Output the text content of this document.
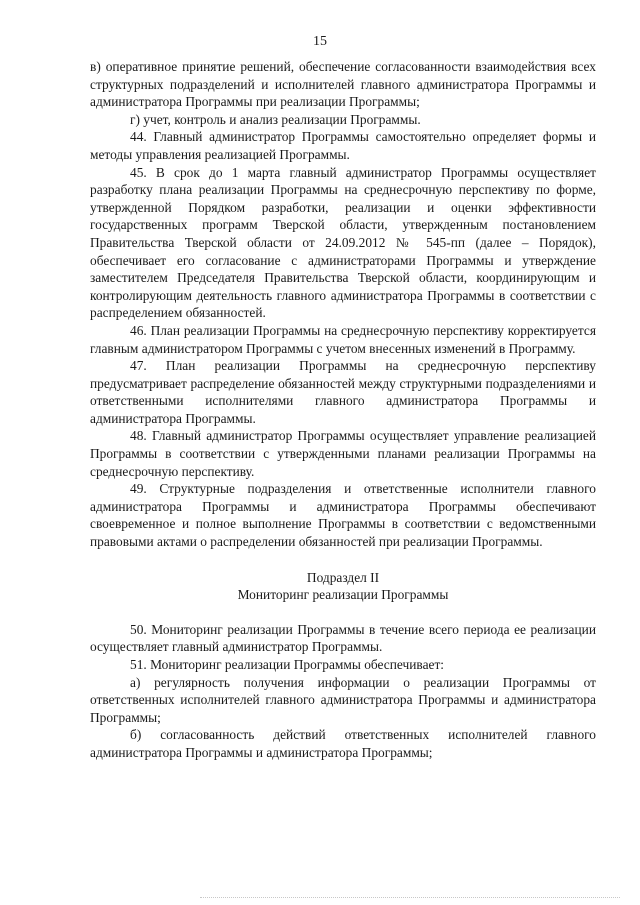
15

в) оперативное принятие решений, обеспечение согласованности взаимодействия всех структурных подразделений и исполнителей главного администратора Программы и администратора Программы при реализации Программы;

г) учет, контроль и анализ реализации Программы.

44. Главный администратор Программы самостоятельно определяет формы и методы управления реализацией Программы.

45. В срок до 1 марта главный администратор Программы осуществляет разработку плана реализации Программы на среднесрочную перспективу по форме, утвержденной Порядком разработки, реализации и оценки эффективности государственных программ Тверской области, утвержденным постановлением Правительства Тверской области от 24.09.2012 № 545-пп (далее – Порядок), обеспечивает его согласование с администраторами Программы и утверждение заместителем Председателя Правительства Тверской области, координирующим и контролирующим деятельность главного администратора Программы в соответствии с распределением обязанностей.

46. План реализации Программы на среднесрочную перспективу корректируется главным администратором Программы с учетом внесенных изменений в Программу.

47. План реализации Программы на среднесрочную перспективу предусматривает распределение обязанностей между структурными подразделениями и ответственными исполнителями главного администратора Программы и администратора Программы.

48. Главный администратор Программы осуществляет управление реализацией Программы в соответствии с утвержденными планами реализации Программы на среднесрочную перспективу.

49. Структурные подразделения и ответственные исполнители главного администратора Программы и администратора Программы обеспечивают своевременное и полное выполнение Программы в соответствии с ведомственными правовыми актами о распределении обязанностей при реализации Программы.

Подраздел II

Мониторинг реализации Программы

50. Мониторинг реализации Программы в течение всего периода ее реализации осуществляет главный администратор Программы.

51. Мониторинг реализации Программы обеспечивает:

а) регулярность получения информации о реализации Программы от ответственных исполнителей главного администратора Программы и администратора Программы;

б) согласованность действий ответственных исполнителей главного администратора Программы и администратора Программы;
